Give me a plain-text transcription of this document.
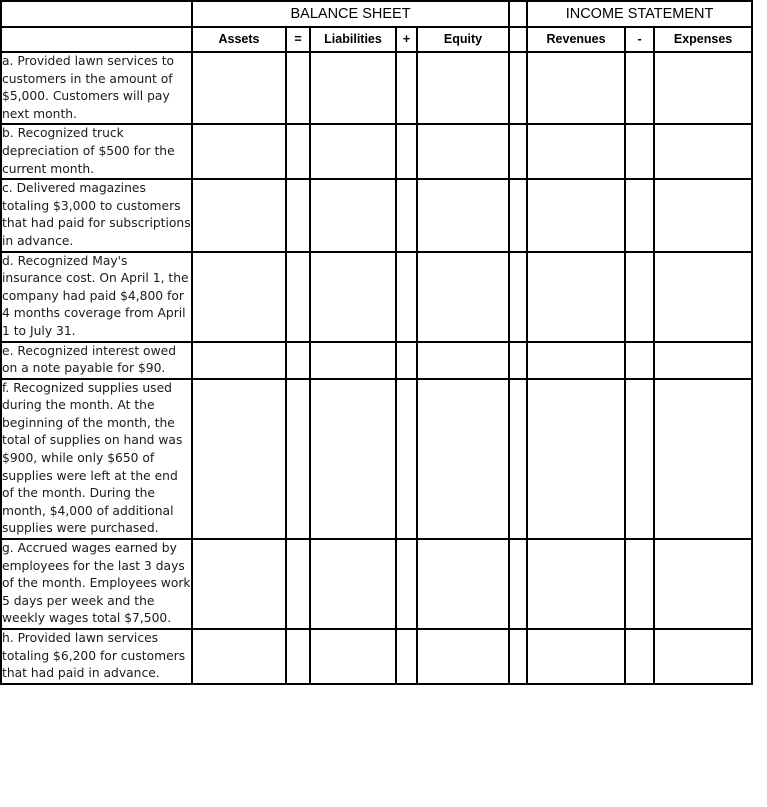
	BALANCE SHEET						INCOME STATEMENT		
	Assets	=	Liabilities	+	Equity		Revenues	-	Expenses
a. Provided lawn services to customers in the amount of $5,000. Customers will pay next month.									
b. Recognized truck depreciation of $500 for the current month.									
c. Delivered magazines totaling $3,000 to customers that had paid for subscriptions in advance.									
d. Recognized May's insurance cost. On April 1, the company had paid $4,800 for 4 months coverage from April 1 to July 31.									
e. Recognized interest owed on a note payable for $90.									
f. Recognized supplies used during the month. At the beginning of the month, the total of supplies on hand was $900, while only $650 of supplies were left at the end of the month. During the month, $4,000 of additional supplies were purchased.									
g. Accrued wages earned by employees for the last 3 days of the month. Employees work 5 days per week and the weekly wages total $7,500.									
h. Provided lawn services totaling $6,200 for customers that had paid in advance.									
